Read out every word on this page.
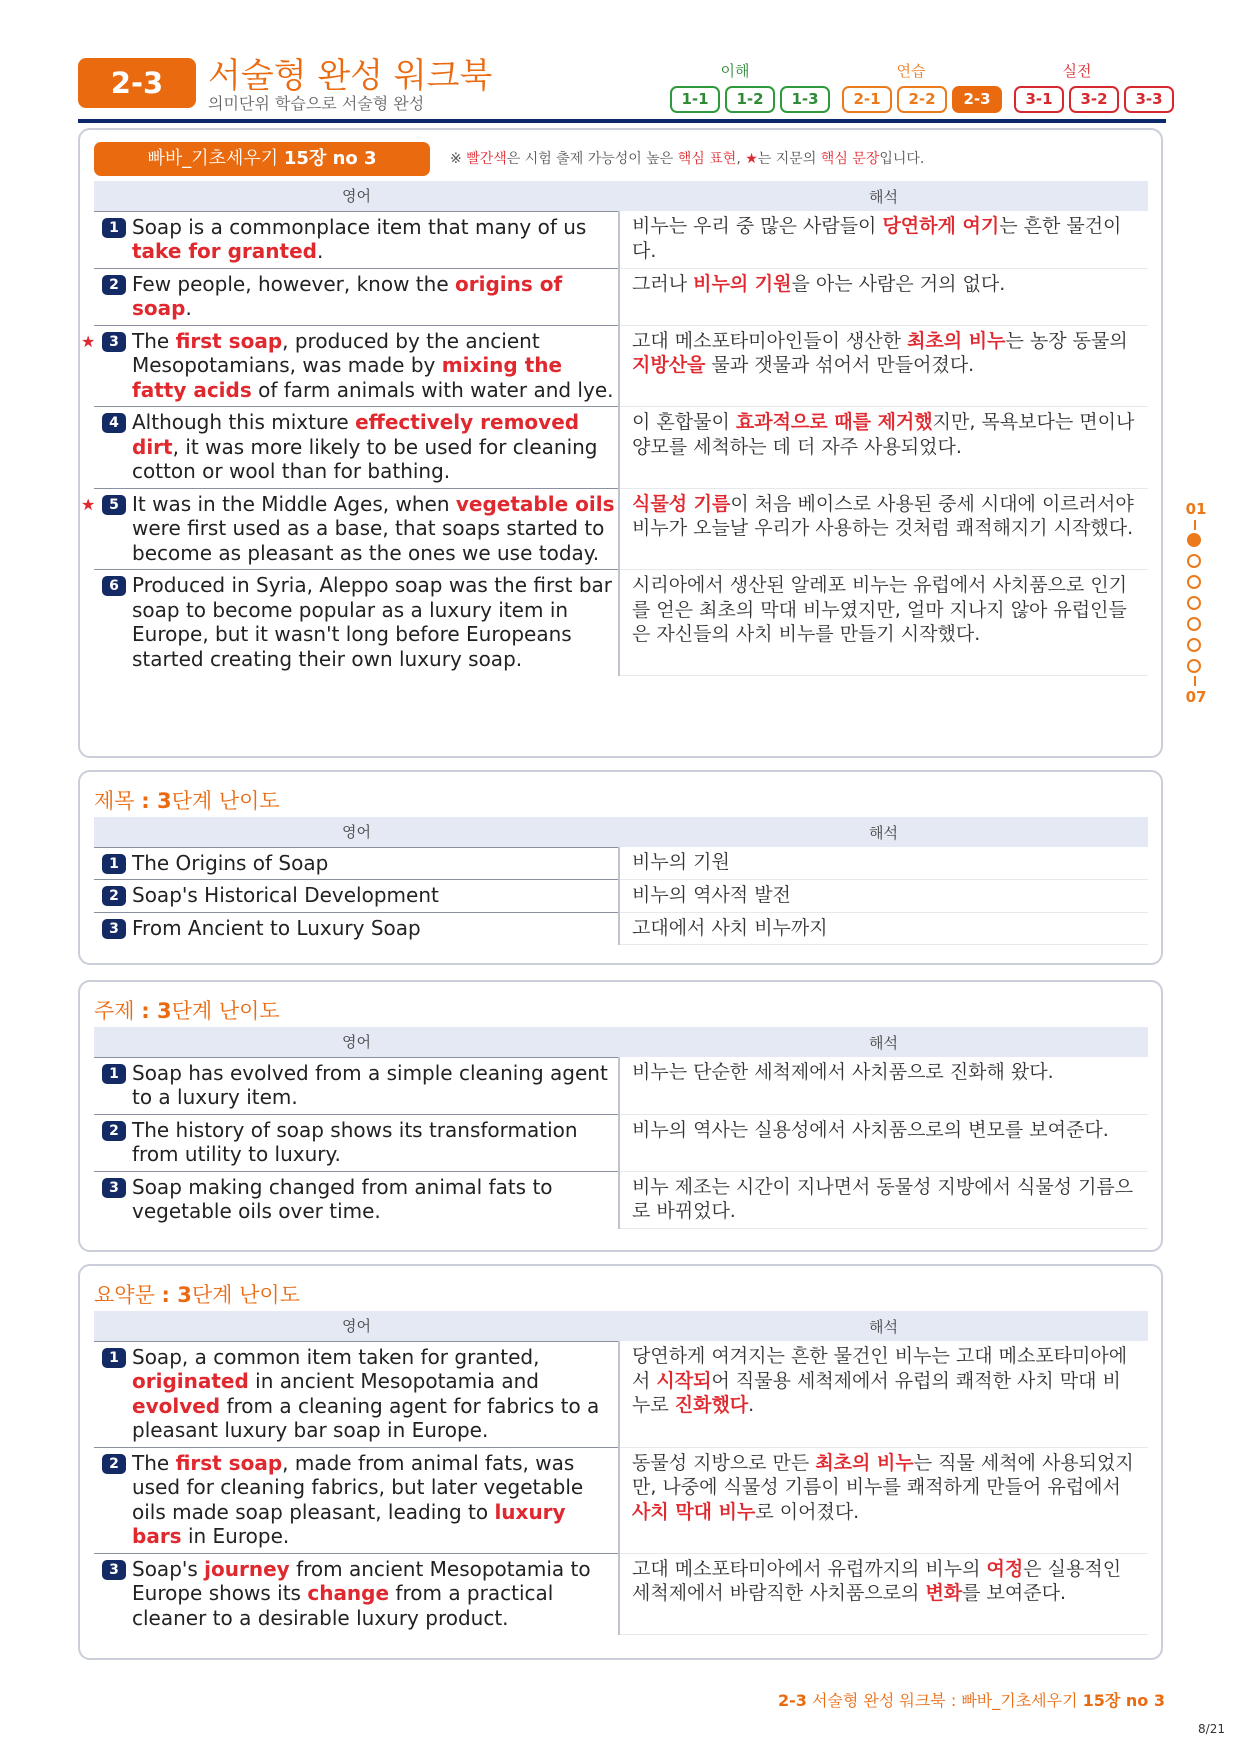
2-3	서술형 완성 워크북
의미단위 학습으로 서술형 완성
이해	연습	실전
1-1	1-2	1-3	2-1	2-2	2-3	3-1	3-2	3-3
01
07
빠바_기초세우기 15장 no 3	※ 빨간색은 시험 출제 가능성이 높은 핵심 표현, ★는 지문의 핵심 문장입니다.
영어	해석

1 Soap is a commonplace item that many of us take for granted.	비누는 우리 중 많은 사람들이 당연하게 여기는 흔한 물건이다.

2 Few people, however, know the origins of soap.	그러나 비누의 기원을 아는 사람은 거의 없다.

★ 3 The first soap, produced by the ancient Mesopotamians, was made by mixing the fatty acids of farm animals with water and lye.	고대 메소포타미아인들이 생산한 최초의 비누는 농장 동물의 지방산을 물과 잿물과 섞어서 만들어졌다.

4 Although this mixture effectively removed dirt, it was more likely to be used for cleaning cotton or wool than for bathing.	이 혼합물이 효과적으로 때를 제거했지만, 목욕보다는 면이나 양모를 세척하는 데 더 자주 사용되었다.

★ 5 It was in the Middle Ages, when vegetable oils were first used as a base, that soaps started to become as pleasant as the ones we use today.	식물성 기름이 처음 베이스로 사용된 중세 시대에 이르러서야 비누가 오늘날 우리가 사용하는 것처럼 쾌적해지기 시작했다.

6 Produced in Syria, Aleppo soap was the first bar soap to become popular as a luxury item in Europe, but it wasn't long before Europeans started creating their own luxury soap.	시리아에서 생산된 알레포 비누는 유럽에서 사치품으로 인기를 얻은 최초의 막대 비누였지만, 얼마 지나지 않아 유럽인들은 자신들의 사치 비누를 만들기 시작했다.
제목 : 3단계 난이도
영어	해석

1 The Origins of Soap	비누의 기원

2 Soap's Historical Development	비누의 역사적 발전

3 From Ancient to Luxury Soap	고대에서 사치 비누까지
주제 : 3단계 난이도
영어	해석

1 Soap has evolved from a simple cleaning agent to a luxury item.	비누는 단순한 세척제에서 사치품으로 진화해 왔다.

2 The history of soap shows its transformation from utility to luxury.	비누의 역사는 실용성에서 사치품으로의 변모를 보여준다.

3 Soap making changed from animal fats to vegetable oils over time.	비누 제조는 시간이 지나면서 동물성 지방에서 식물성 기름으로 바뀌었다.
요약문 : 3단계 난이도
영어	해석

1 Soap, a common item taken for granted, originated in ancient Mesopotamia and evolved from a cleaning agent for fabrics to a pleasant luxury bar soap in Europe.	당연하게 여겨지는 흔한 물건인 비누는 고대 메소포타미아에서 시작되어 직물용 세척제에서 유럽의 쾌적한 사치 막대 비누로 진화했다.

2 The first soap, made from animal fats, was used for cleaning fabrics, but later vegetable oils made soap pleasant, leading to luxury bars in Europe.	동물성 지방으로 만든 최초의 비누는 직물 세척에 사용되었지만, 나중에 식물성 기름이 비누를 쾌적하게 만들어 유럽에서 사치 막대 비누로 이어졌다.

3 Soap's journey from ancient Mesopotamia to Europe shows its change from a practical cleaner to a desirable luxury product.	고대 메소포타미아에서 유럽까지의 비누의 여정은 실용적인 세척제에서 바람직한 사치품으로의 변화를 보여준다.
2-3 서술형 완성 워크북 : 빠바_기초세우기 15장 no 3
8/21
